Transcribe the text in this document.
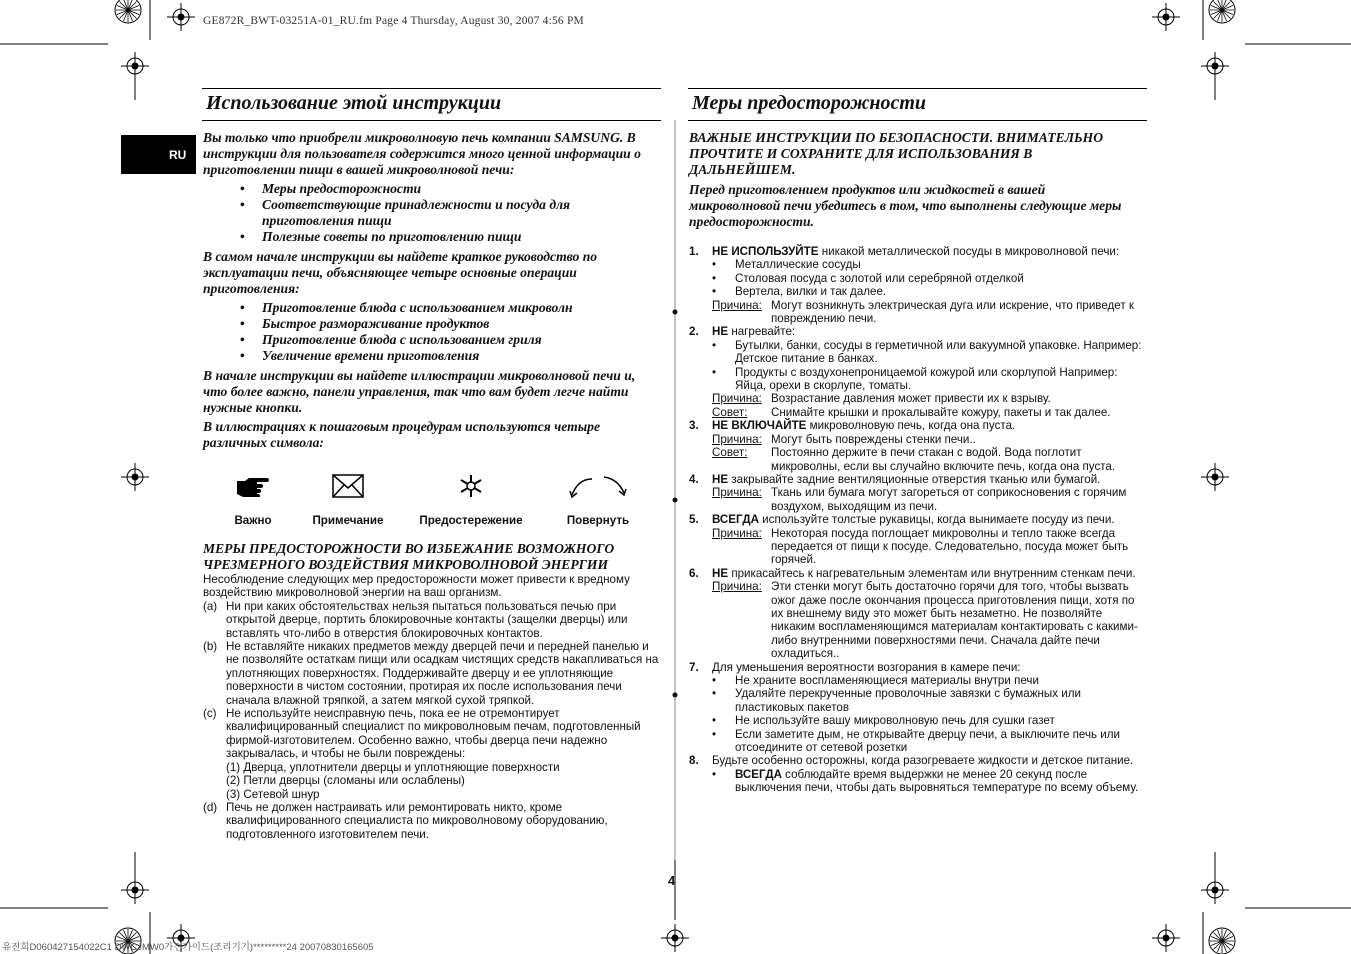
GE872R_BWT-03251A-01_RU.fm Page 4 Thursday, August 30, 2007 4:56 PM
유진희D060427154022C1 DWCJMW0가전가이드(조리기기)*********24 20070830165605
RU
Использование этой инструкции

Вы только что приобрели микроволновую печь компании SAMSUNG. В инструкции для пользователя содержится много ценной информации о приготовлении пищи в вашей микроволновой печи:

• Меры предосторожности
• Соответствующие принадлежности и посуда для приготовления пищи
• Полезные советы по приготовлению пищи

В самом начале инструкции вы найдете краткое руководство по эксплуатации печи, объясняющее четыре основные операции приготовления:

• Приготовление блюда с использованием микроволн
• Быстрое размораживание продуктов
• Приготовление блюда с использованием гриля
• Увеличение времени приготовления

В начале инструкции вы найдете иллюстрации микроволновой печи и, что более важно, панели управления, так что вам будет легче найти нужные кнопки.

В иллюстрациях к пошаговым процедурам используются четыре различных символа:

Важно	Примечание	Предостережение	Повернуть
МЕРЫ ПРЕДОСТОРОЖНОСТИ ВО ИЗБЕЖАНИЕ ВОЗМОЖНОГО ЧРЕЗМЕРНОГО ВОЗДЕЙСТВИЯ МИКРОВОЛНОВОЙ ЭНЕРГИИ
Несоблюдение следующих мер предосторожности может привести к вредному воздействию микроволновой энергии на ваш организм.
(a) Ни при каких обстоятельствах нельзя пытаться пользоваться печью при открытой дверце, портить блокировочные контакты (защелки дверцы) или вставлять что-либо в отверстия блокировочных контактов.
(b) Не вставляйте никаких предметов между дверцей печи и передней панелью и не позволяйте остаткам пищи или осадкам чистящих средств накапливаться на уплотняющих поверхностях. Поддерживайте дверцу и ее уплотняющие поверхности в чистом состоянии, протирая их после использования печи сначала влажной тряпкой, а затем мягкой сухой тряпкой.
(c) Не используйте неисправную печь, пока ее не отремонтирует квалифицированный специалист по микроволновым печам, подготовленный фирмой-изготовителем. Особенно важно, чтобы дверца печи надежно закрывалась, и чтобы не были повреждены:
(1) Дверца, уплотнители дверцы и уплотняющие поверхности
(2) Петли дверцы (сломаны или ослаблены)
(3) Сетевой шнур
(d) Печь не должен настраивать или ремонтировать никто, кроме квалифицированного специалиста по микроволновому оборудованию, подготовленного изготовителем печи.
Меры предосторожности

ВАЖНЫЕ ИНСТРУКЦИИ ПО БЕЗОПАСНОСТИ. ВНИМАТЕЛЬНО ПРОЧТИТЕ И СОХРАНИТЕ ДЛЯ ИСПОЛЬЗОВАНИЯ В ДАЛЬНЕЙШЕМ.

Перед приготовлением продуктов или жидкостей в вашей микроволновой печи убедитесь в том, что выполнены следующие меры предосторожности.

1.	НЕ ИСПОЛЬЗУЙТЕ никакой металлической посуды в микроволновой печи:
• Металлические сосуды
• Столовая посуда с золотой или серебряной отделкой
• Вертела, вилки и так далее.
Причина: Могут возникнуть электрическая дуга или искрение, что приведет к повреждению печи.
2.	НЕ нагревайте:
• Бутылки, банки, сосуды в герметичной или вакуумной упаковке. Например: Детское питание в банках.
• Продукты с воздухонепроницаемой кожурой или скорлупой Например: Яйца, орехи в скорлупе, томаты.
Причина: Возрастание давления может привести их к взрыву.
Совет: Снимайте крышки и прокалывайте кожуру, пакеты и так далее.
3.	НЕ ВКЛЮЧАЙТЕ микроволновую печь, когда она пуста.
Причина: Могут быть повреждены стенки печи..
Совет: Постоянно держите в печи стакан с водой. Вода поглотит микроволны, если вы случайно включите печь, когда она пуста.
4.	НЕ закрывайте задние вентиляционные отверстия тканью или бумагой.
Причина: Ткань или бумага могут загореться от соприкосновения с горячим воздухом, выходящим из печи.
5.	ВСЕГДА используйте толстые рукавицы, когда вынимаете посуду из печи.
Причина: Некоторая посуда поглощает микроволны и тепло также всегда передается от пищи к посуде. Следовательно, посуда может быть горячей.
6.	НЕ прикасайтесь к нагревательным элементам или внутренним стенкам печи.
Причина: Эти стенки могут быть достаточно горячи для того, чтобы вызвать ожог даже после окончания процесса приготовления пищи, хотя по их внешнему виду это может быть незаметно. Не позволяйте никаким воспламеняющимся материалам контактировать с какими-либо внутренними поверхностями печи. Сначала дайте печи охладиться..
7.	Для уменьшения вероятности возгорания в камере печи:
• Не храните воспламеняющиеся материалы внутри печи
• Удаляйте перекрученные проволочные завязки с бумажных или пластиковых пакетов
• Не используйте вашу микроволновую печь для сушки газет
• Если заметите дым, не открывайте дверцу печи, а выключите печь или отсоедините от сетевой розетки
8.	Будьте особенно осторожны, когда разогреваете жидкости и детское питание.
• ВСЕГДА соблюдайте время выдержки не менее 20 секунд после выключения печи, чтобы дать выровняться температуре по всему объему.
4
